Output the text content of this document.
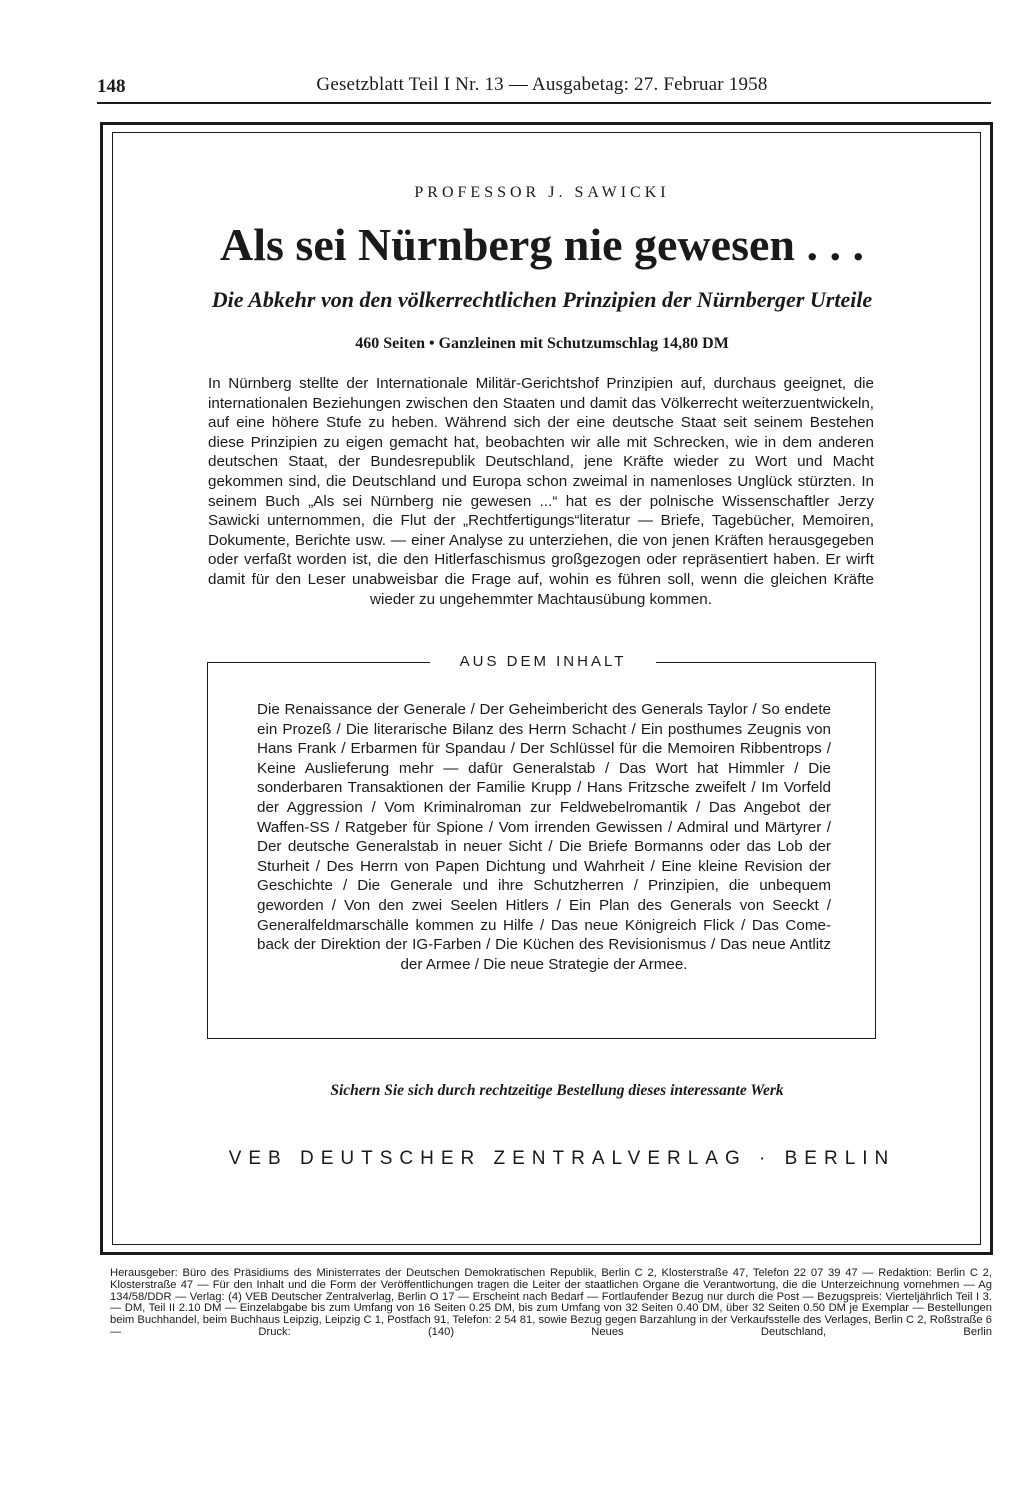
148	Gesetzblatt Teil I Nr. 13 — Ausgabetag: 27. Februar 1958
PROFESSOR J. SAWICKI
Als sei Nürnberg nie gewesen . . .
Die Abkehr von den völkerrechtlichen Prinzipien der Nürnberger Urteile
460 Seiten • Ganzleinen mit Schutzumschlag 14,80 DM

In Nürnberg stellte der Internationale Militär-Gerichtshof Prinzipien auf, durchaus geeignet, die internationalen Beziehungen zwischen den Staaten und damit das Völkerrecht weiterzuentwickeln, auf eine höhere Stufe zu heben. Während sich der eine deutsche Staat seit seinem Bestehen diese Prinzipien zu eigen gemacht hat, beobachten wir alle mit Schrecken, wie in dem anderen deutschen Staat, der Bundesrepublik Deutschland, jene Kräfte wieder zu Wort und Macht gekommen sind, die Deutschland und Europa schon zweimal in namenloses Unglück stürzten. In seinem Buch „Als sei Nürnberg nie gewesen ...“ hat es der polnische Wissenschaftler Jerzy Sawicki unternommen, die Flut der „Rechtfertigungs“literatur — Briefe, Tagebücher, Memoiren, Dokumente, Berichte usw. — einer Analyse zu unterziehen, die von jenen Kräften herausgegeben oder verfaßt worden ist, die den Hitlerfaschismus großgezogen oder repräsentiert haben. Er wirft damit für den Leser unabweisbar die Frage auf, wohin es führen soll, wenn die gleichen Kräfte wieder zu ungehemmter Machtausübung kommen.

AUS DEM INHALT

Die Renaissance der Generale / Der Geheimbericht des Generals Taylor / So endete ein Prozeß / Die literarische Bilanz des Herrn Schacht / Ein posthumes Zeugnis von Hans Frank / Erbarmen für Spandau / Der Schlüssel für die Memoiren Ribbentrops / Keine Auslieferung mehr — dafür Generalstab / Das Wort hat Himmler / Die sonderbaren Transaktionen der Familie Krupp / Hans Fritzsche zweifelt / Im Vorfeld der Aggression / Vom Kriminalroman zur Feldwebelromantik / Das Angebot der Waffen-SS / Ratgeber für Spione / Vom irrenden Gewissen / Admiral und Märtyrer / Der deutsche Generalstab in neuer Sicht / Die Briefe Bormanns oder das Lob der Sturheit / Des Herrn von Papen Dichtung und Wahrheit / Eine kleine Revision der Geschichte / Die Generale und ihre Schutzherren / Prinzipien, die unbequem geworden / Von den zwei Seelen Hitlers / Ein Plan des Generals von Seeckt / Generalfeldmarschälle kommen zu Hilfe / Das neue Königreich Flick / Das Come-back der Direktion der IG-Farben / Die Küchen des Revisionismus / Das neue Antlitz der Armee / Die neue Strategie der Armee.

Sichern Sie sich durch rechtzeitige Bestellung dieses interessante Werk
VEB DEUTSCHER ZENTRALVERLAG · BERLIN

Herausgeber: Büro des Präsidiums des Ministerrates der Deutschen Demokratischen Republik, Berlin C 2, Klosterstraße 47, Telefon 22 07 39 47 — Redaktion: Berlin C 2, Klosterstraße 47 — Für den Inhalt und die Form der Veröffentlichungen tragen die Leiter der staatlichen Organe die Verantwortung, die die Unterzeichnung vornehmen — Ag 134/58/DDR — Verlag: (4) VEB Deutscher Zentralverlag, Berlin O 17 — Erscheint nach Bedarf — Fortlaufender Bezug nur durch die Post — Bezugspreis: Vierteljährlich Teil I 3.— DM, Teil II 2.10 DM — Einzelabgabe bis zum Umfang von 16 Seiten 0.25 DM, bis zum Umfang von 32 Seiten 0.40 DM, über 32 Seiten 0.50 DM je Exemplar — Bestellungen beim Buchhandel, beim Buchhaus Leipzig, Leipzig C 1, Postfach 91, Telefon: 2 54 81, sowie Bezug gegen Barzahlung in der Verkaufsstelle des Verlages, Berlin C 2, Roßstraße 6 — Druck: (140) Neues Deutschland, Berlin
